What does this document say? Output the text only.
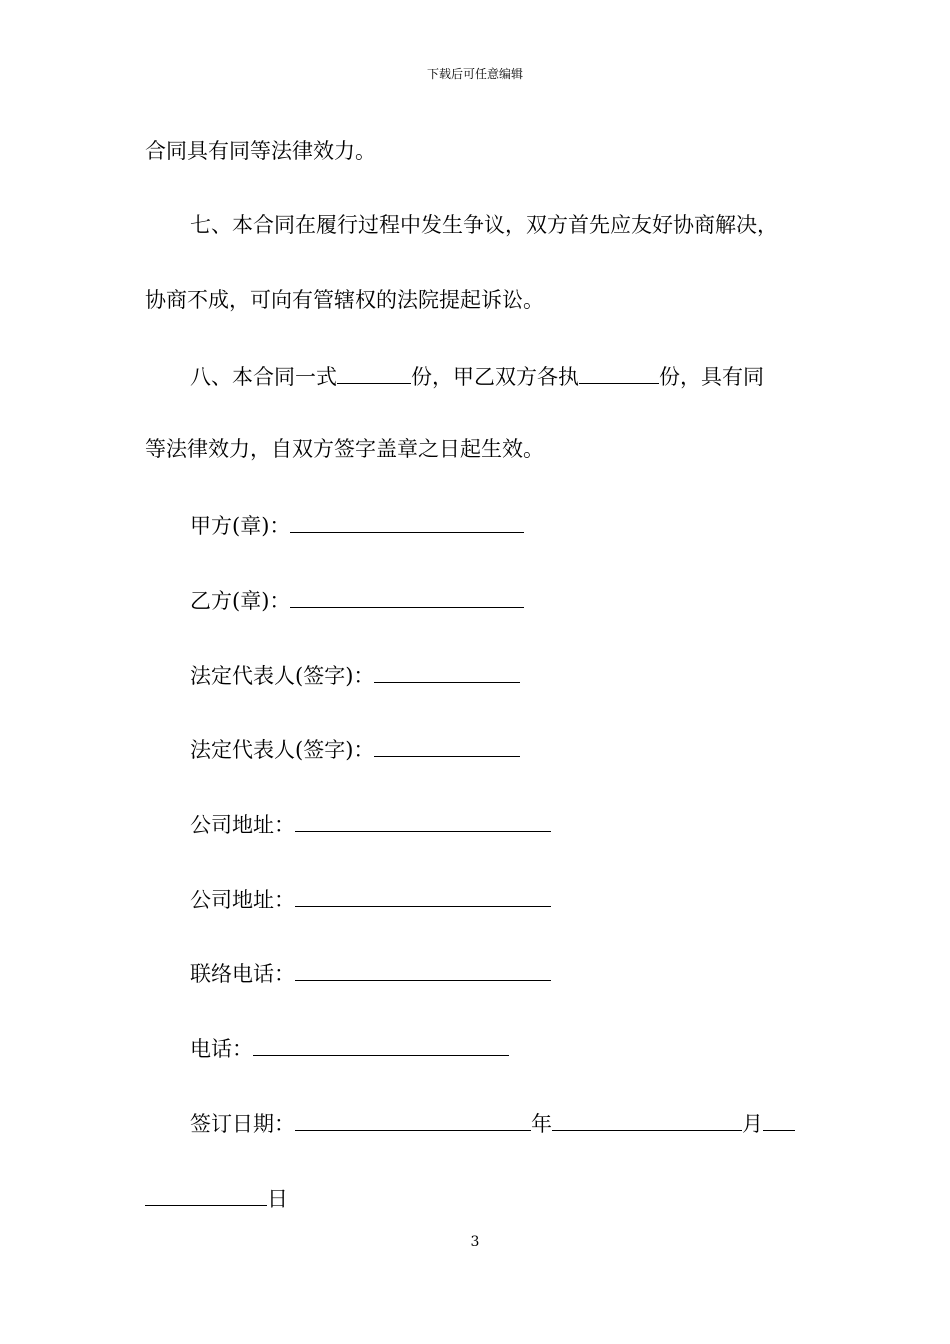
下载后可任意编辑
合同具有同等法律效力。
七、本合同在履行过程中发生争议，双方首先应友好协商解决，
协商不成，可向有管辖权的法院提起诉讼。
八、本合同一式	份，甲乙双方各执	份，具有同
等法律效力，自双方签字盖章之日起生效。
甲方(章)：
乙方(章)：
法定代表人(签字)：
法定代表人(签字)：
公司地址：
公司地址：
联络电话：
电话：
签订日期：	年	月
日
3
